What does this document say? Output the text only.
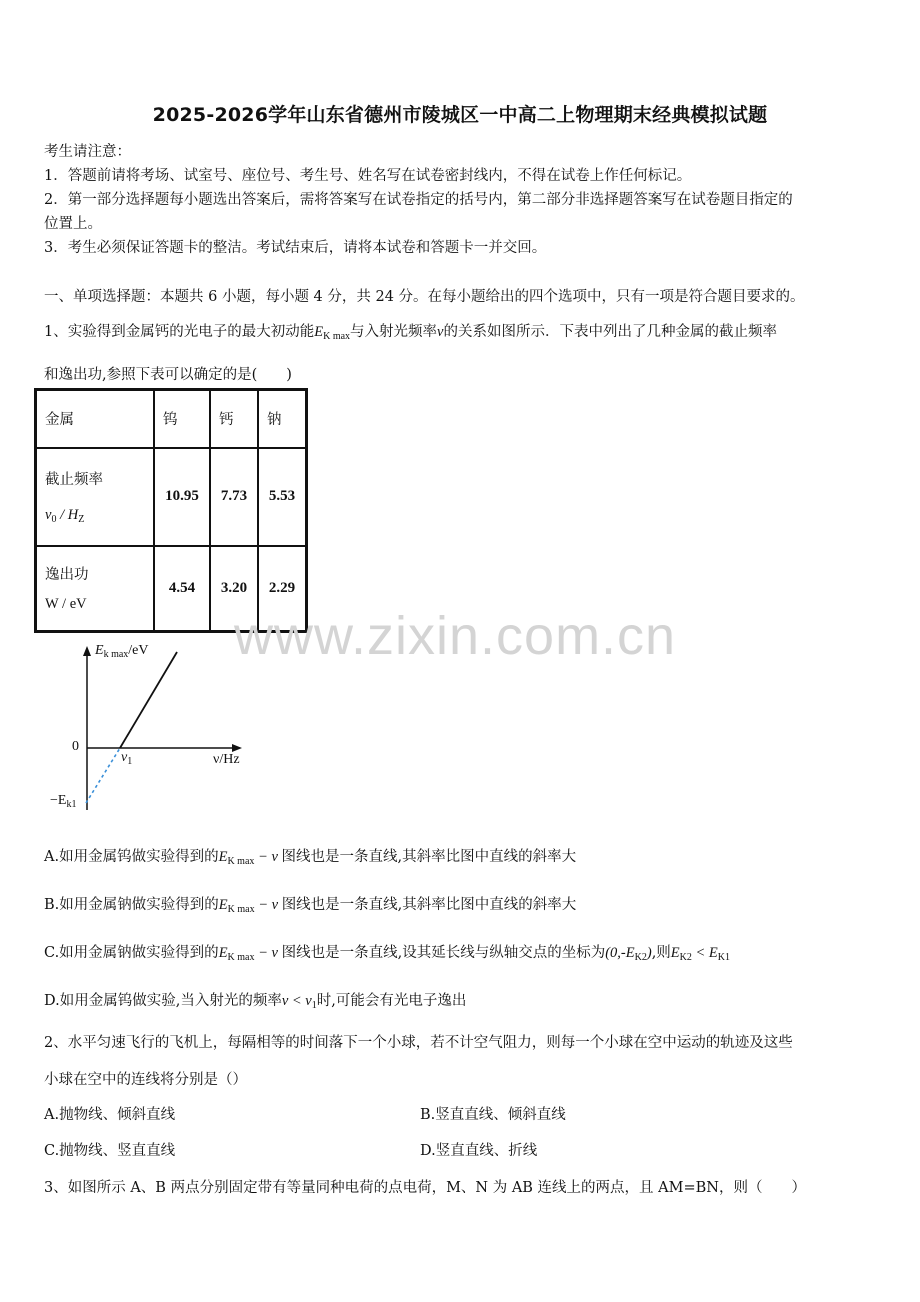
2025-2026学年山东省德州市陵城区一中高二上物理期末经典模拟试题
考生请注意：
1．答题前请将考场、试室号、座位号、考生号、姓名写在试卷密封线内，不得在试卷上作任何标记。
2．第一部分选择题每小题选出答案后，需将答案写在试卷指定的括号内，第二部分非选择题答案写在试卷题目指定的
位置上。
3．考生必须保证答题卡的整洁。考试结束后，请将本试卷和答题卡一并交回。
一、单项选择题：本题共 6 小题，每小题 4 分，共 24 分。在每小题给出的四个选项中，只有一项是符合题目要求的。
1、实验得到金属钙的光电子的最大初动能$E_{K max}$与入射光频率ν的关系如图所示．下表中列出了几种金属的截止频率
和逸出功,参照下表可以确定的是(　　)
金属	钨	钙	钠

截止频率
$\nu_0 / H_Z$	10.95	7.73	5.53

逸出功
W / eV	4.54	3.20	2.29
www.zixin.com.cn
$E_{k max}/eV$
0
$\nu_1$	ν/Hz
$-E_{k1}$
A.如用金属钨做实验得到的$E_{K max} - \nu$ 图线也是一条直线,其斜率比图中直线的斜率大
B.如用金属钠做实验得到的$E_{K max} - \nu$ 图线也是一条直线,其斜率比图中直线的斜率大
C.如用金属钠做实验得到的$E_{K max} - \nu$ 图线也是一条直线,设其延长线与纵轴交点的坐标为$(0,-E_{K2})$,则$E_{K2} < E_{K1}$
D.如用金属钨做实验,当入射光的频率$\nu < \nu_1$时,可能会有光电子逸出
2、水平匀速飞行的飞机上，每隔相等的时间落下一个小球，若不计空气阻力，则每一个小球在空中运动的轨迹及这些
小球在空中的连线将分别是（）
A.抛物线、倾斜直线	B.竖直直线、倾斜直线
C.抛物线、竖直直线	D.竖直直线、折线
3、如图所示 A、B 两点分别固定带有等量同种电荷的点电荷，M、N 为 AB 连线上的两点，且 AM=BN，则（　　）
